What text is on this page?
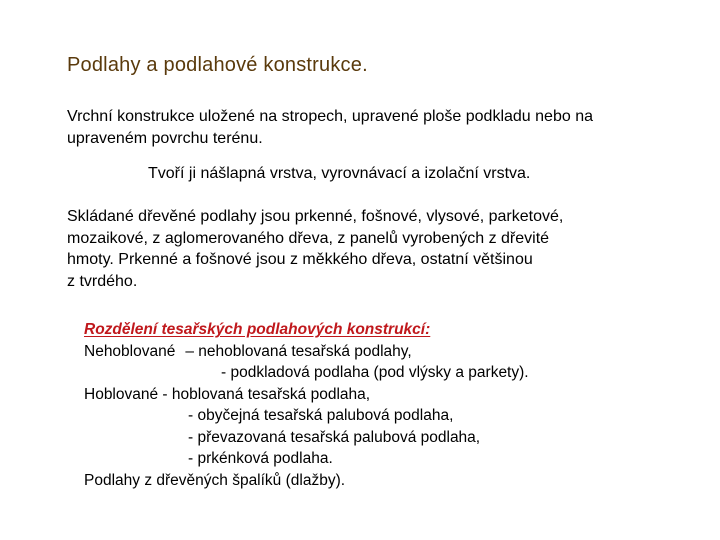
Podlahy a podlahové konstrukce.
Vrchní konstrukce uložené na stropech, upravené ploše podkladu nebo na
upraveném povrchu terénu.
Tvoří ji nášlapná vrstva, vyrovnávací a izolační vrstva.
Skládané dřevěné podlahy jsou prkenné, fošnové, vlysové, parketové,
mozaikové, z aglomerovaného dřeva, z panelů vyrobených z dřevité
hmoty. Prkenné a fošnové jsou z měkkého dřeva, ostatní většinou
z tvrdého.
Rozdělení tesařských podlahových konstrukcí:
Nehoblované – nehoblovaná tesařská podlahy,
- podkladová podlaha (pod vlýsky a parkety).
Hoblované - hoblovaná tesařská podlaha,
- obyčejná tesařská palubová podlaha,
- převazovaná tesařská palubová podlaha,
- prkénková podlaha.
Podlahy z dřevěných špalíků (dlažby).
